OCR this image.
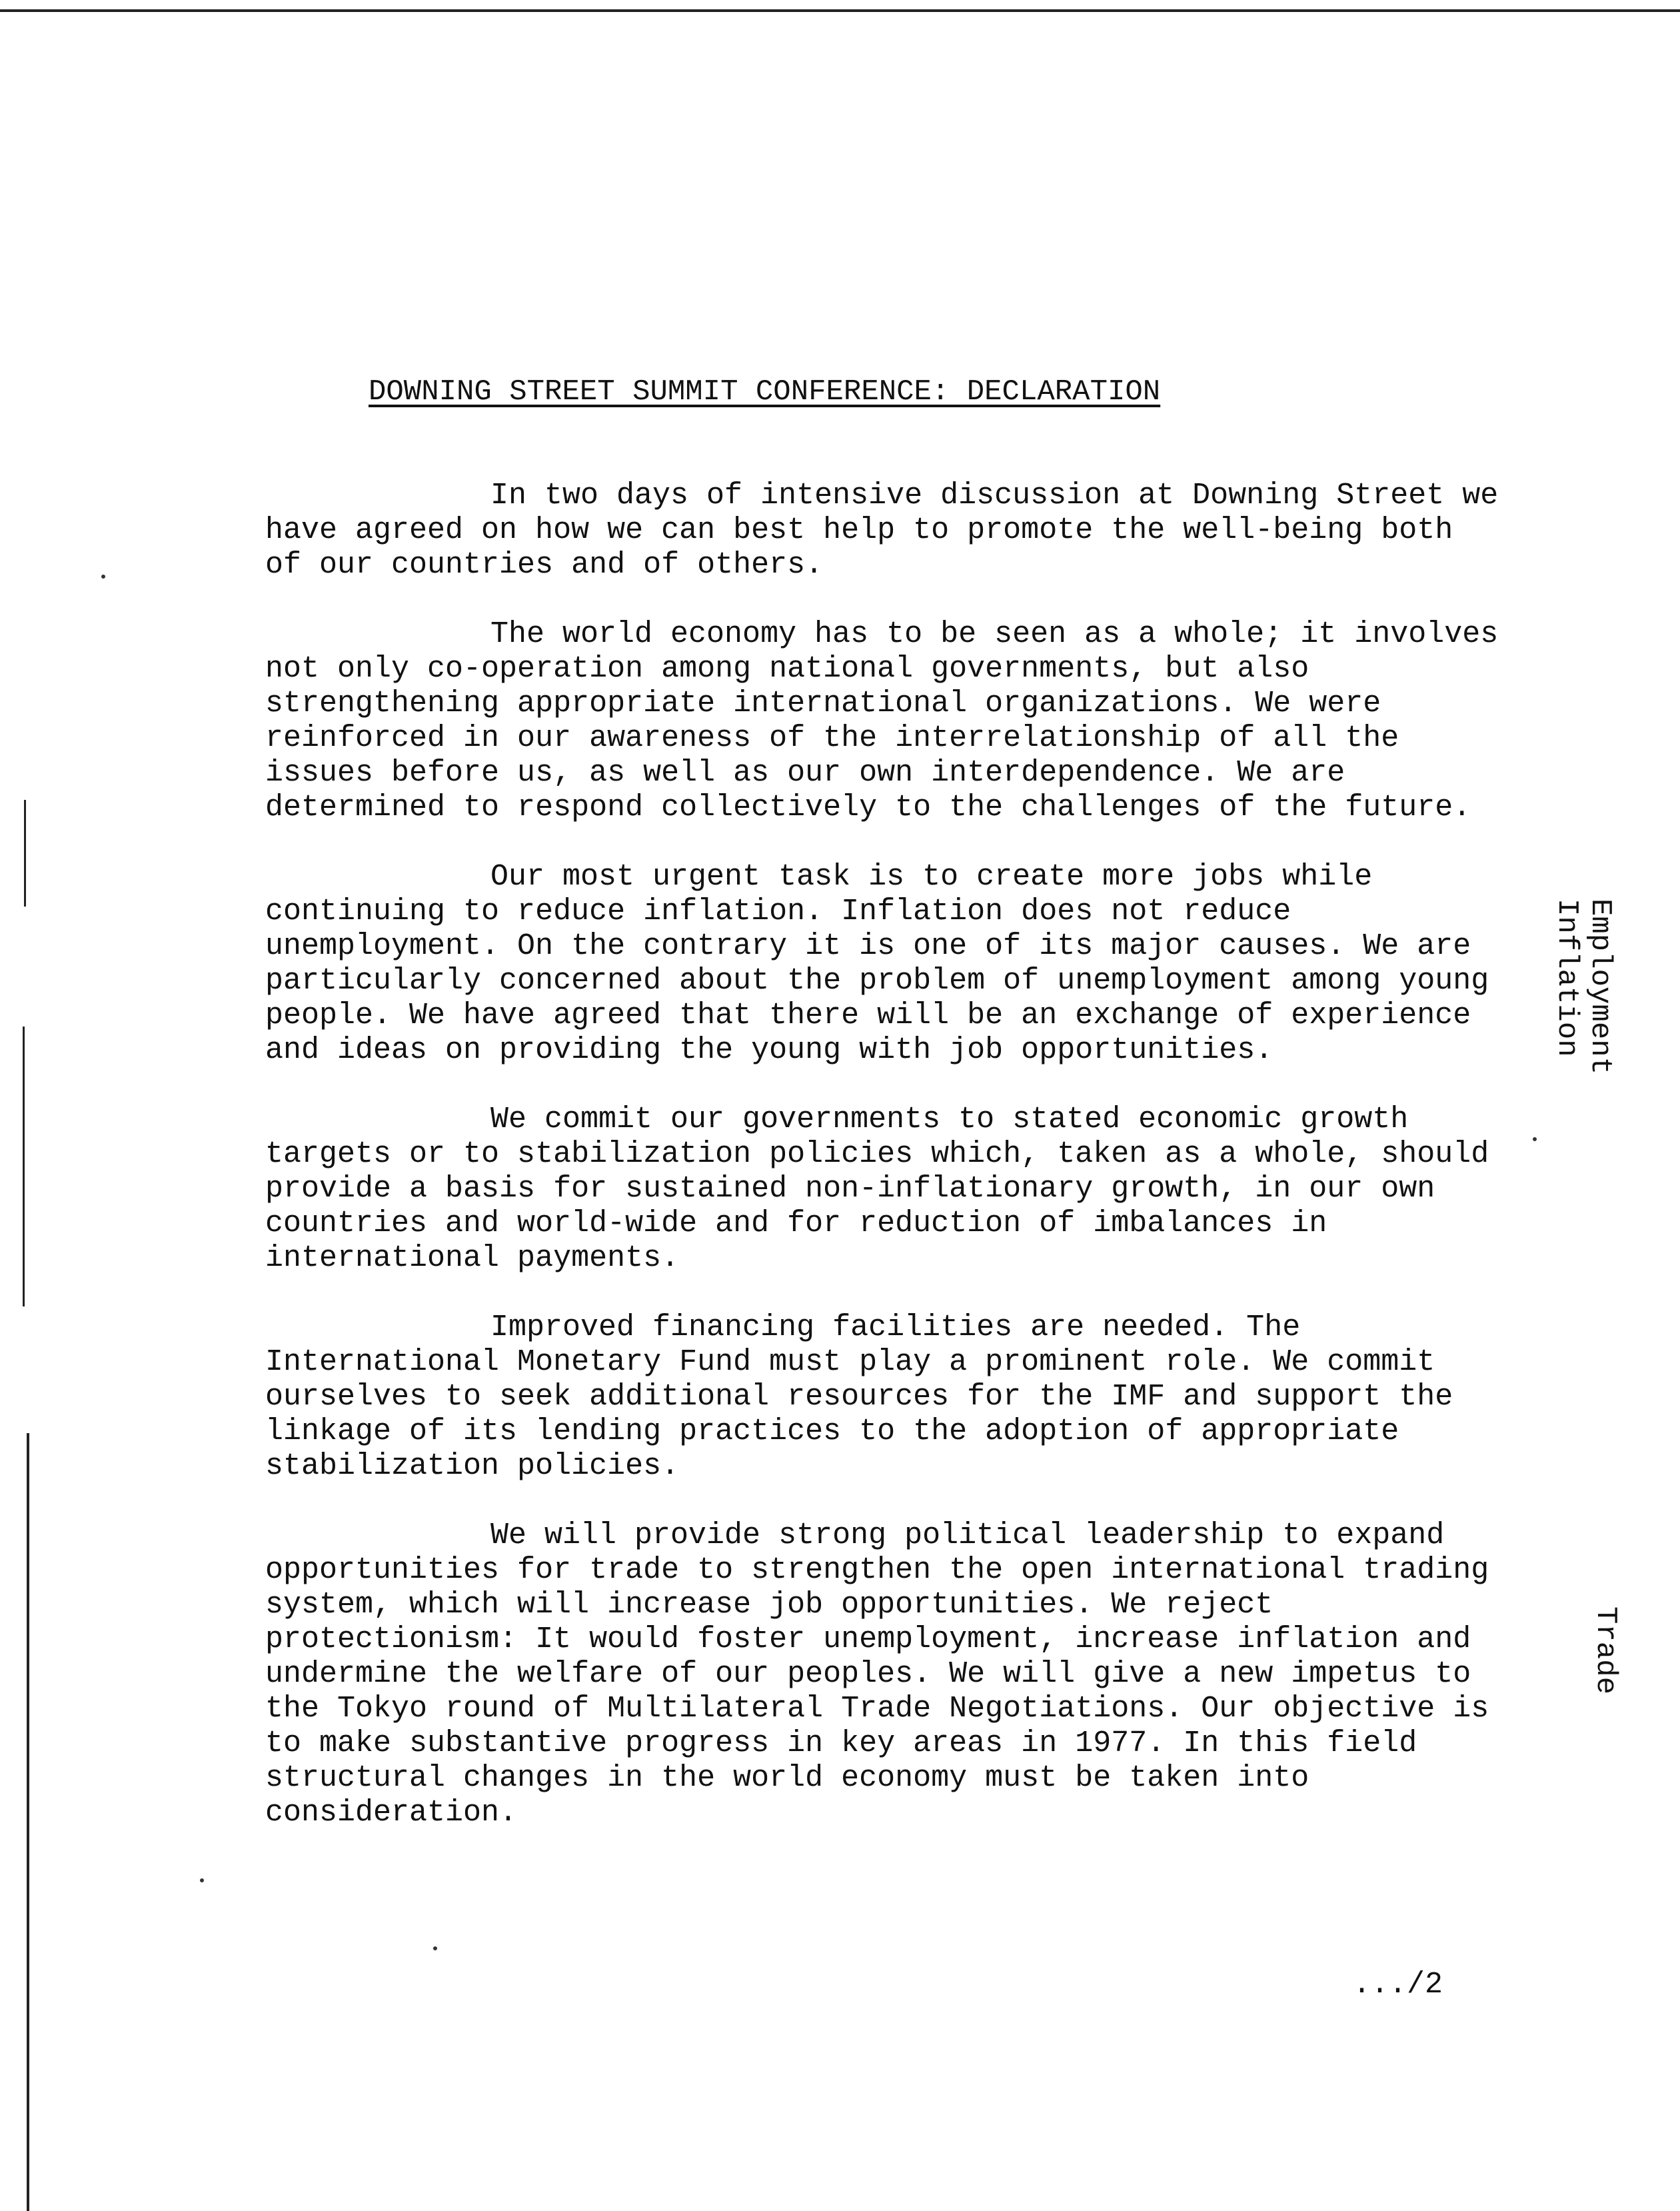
DOWNING STREET SUMMIT CONFERENCE: DECLARATION

In two days of intensive discussion at Downing Street we have agreed on how we can best help to promote the well-being both of our countries and of others.

The world economy has to be seen as a whole; it involves not only co-operation among national governments, but also strengthening appropriate international organizations. We were reinforced in our awareness of the interrelationship of all the issues before us, as well as our own interdependence. We are determined to respond collectively to the challenges of the future.

Our most urgent task is to create more jobs while continuing to reduce inflation. Inflation does not reduce unemployment. On the contrary it is one of its major causes. We are particularly concerned about the problem of unemployment among young people. We have agreed that there will be an exchange of experience and ideas on providing the young with job opportunities.

We commit our governments to stated economic growth targets or to stabilization policies which, taken as a whole, should provide a basis for sustained non-inflationary growth, in our own countries and world-wide and for reduction of imbalances in international payments.

Improved financing facilities are needed. The International Monetary Fund must play a prominent role. We commit ourselves to seek additional resources for the IMF and support the linkage of its lending practices to the adoption of appropriate stabilization policies.

We will provide strong political leadership to expand opportunities for trade to strengthen the open international trading system, which will increase job opportunities. We reject protectionism: It would foster unemployment, increase inflation and undermine the welfare of our peoples. We will give a new impetus to the Tokyo round of Multilateral Trade Negotiations. Our objective is to make substantive progress in key areas in 1977. In this field structural changes in the world economy must be taken into consideration.

Employment
Inflation
Trade
.../2
